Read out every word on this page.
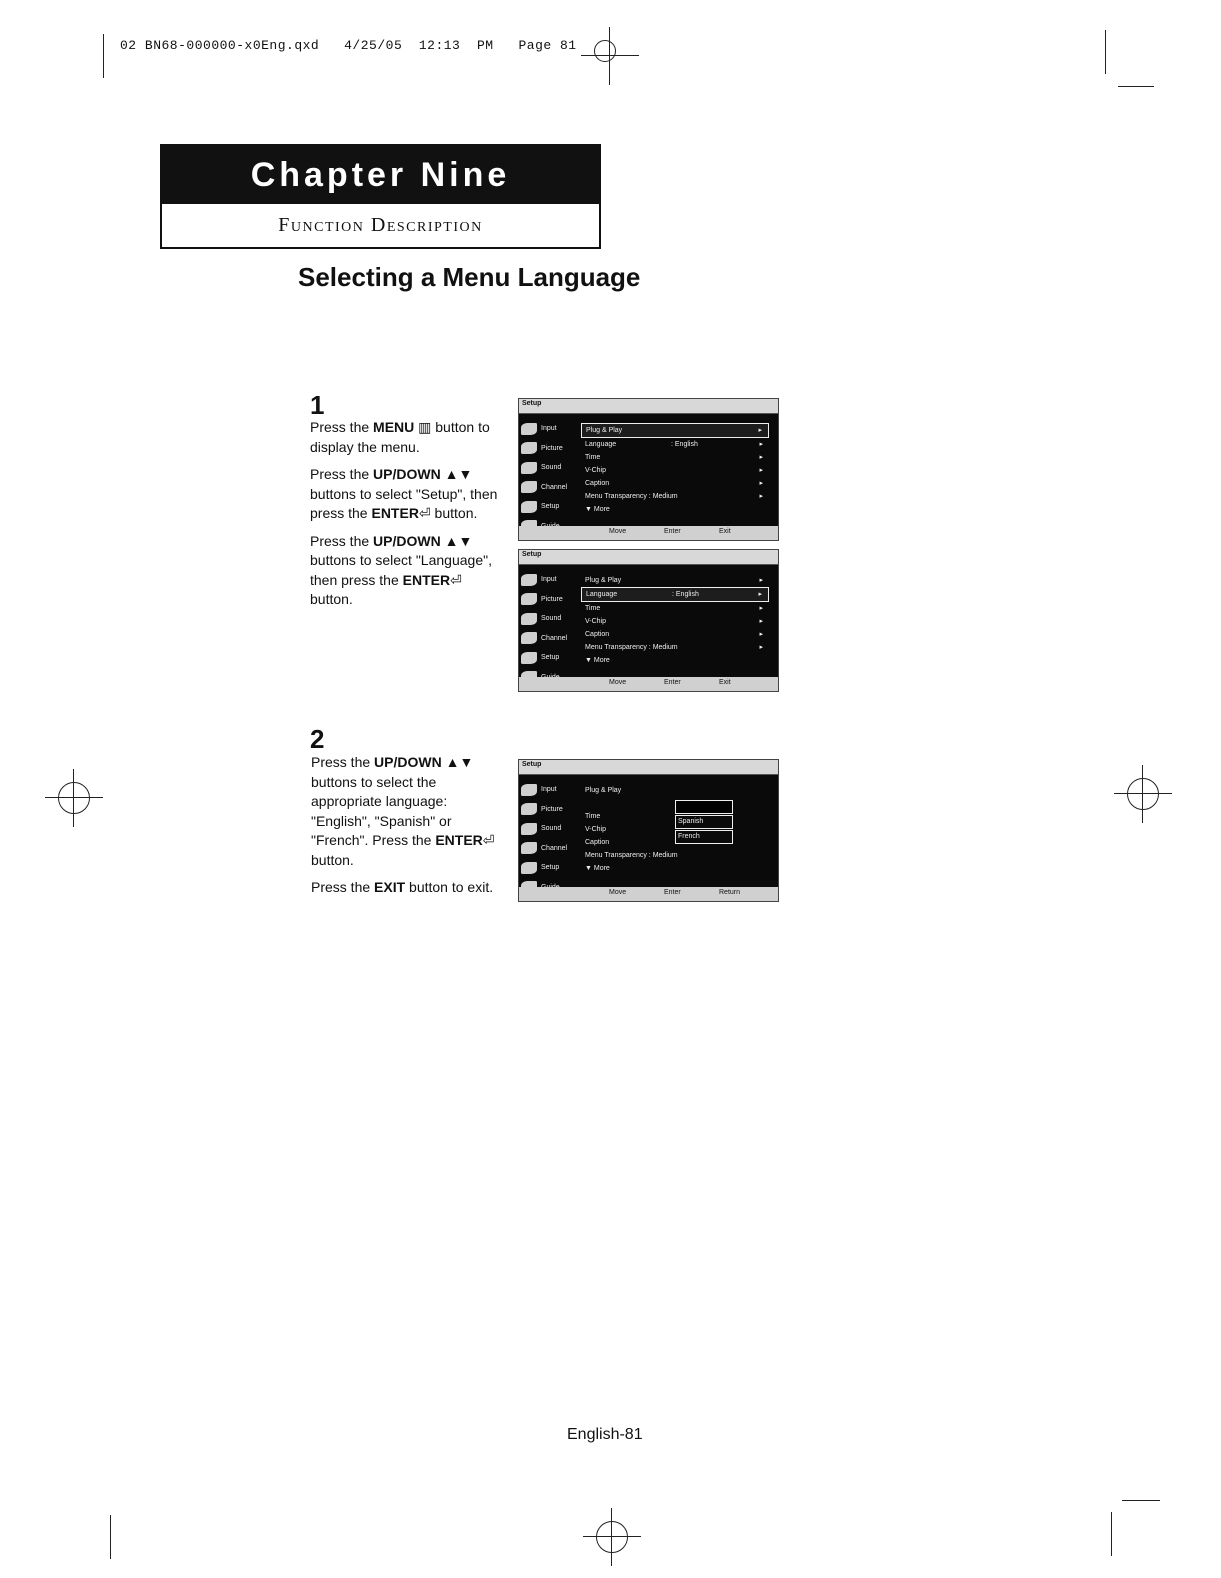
02 BN68-000000-x0Eng.qxd   4/25/05  12:13  PM   Page 81
Chapter Nine
Function Description
Selecting a Menu Language
1

Press the MENU ▥ button to display the menu.

Press the UP/DOWN ▲▼ buttons to select "Setup", then press the ENTER⏎ button.

Press the UP/DOWN ▲▼ buttons to select "Language", then press the ENTER⏎ button.

2

Press the UP/DOWN ▲▼ buttons to select the appropriate language: "English", "Spanish" or "French". Press the ENTER⏎ button.

Press the EXIT button to exit.

Setup
Input
Picture
Sound
Channel
Setup
Plug & Play	▸
Language	: English	▸
Time	▸
V-Chip	▸
Caption	▸
Menu Transparency : Medium	▸
▼ More
Move	Enter	Exit
Setup
Input
Picture
Sound
Channel
Setup
Plug & Play	▸
Language	: English	▸
Time	▸
V-Chip	▸
Caption	▸
Menu Transparency : Medium	▸
▼ More
Move	Enter	Exit
Setup
Input
Picture
Sound
Channel
Setup
Plug & Play
Time
V-Chip
Caption
Menu Transparency : Medium
▼ More
Spanish
French
Move	Enter	Return
English-81
